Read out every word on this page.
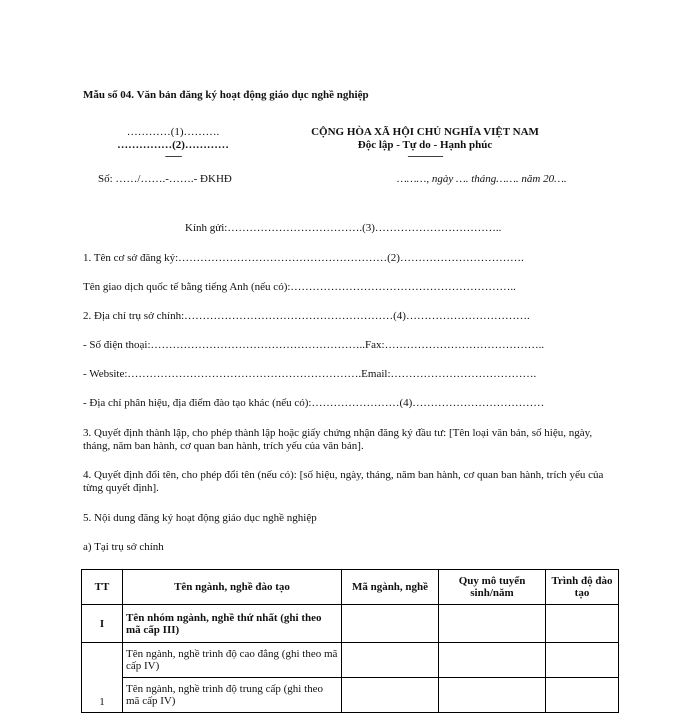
Mẫu số 04. Văn bản đăng ký hoạt động giáo dục nghề nghiệp
…………(1)……….
……………(2)…………
-------
CỘNG HÒA XÃ HỘI CHỦ NGHĨA VIỆT NAM
Độc lập - Tự do - Hạnh phúc
---------------
Số: ……/…….-…….- ĐKHĐ	………, ngày …. tháng……. năm 20….
Kính gửi:……………………………….(3)……………………………..
1. Tên cơ sở đăng ký:…………………………………………………(2)…………………………….
Tên giao dịch quốc tế bằng tiếng Anh (nếu có):……………………………………………………..
2. Địa chỉ trụ sở chính:…………………………………………………(4)…………………………….
- Số điện thoại:…………………………………………………..Fax:……………………………………..
- Website:……………………………………………………….Email:………………………………….
- Địa chỉ phân hiệu, địa điểm đào tạo khác (nếu có):……………………(4)………………………………
3. Quyết định thành lập, cho phép thành lập hoặc giấy chứng nhận đăng ký đầu tư: [Tên loại văn bản, số hiệu, ngày, tháng, năm ban hành, cơ quan ban hành, trích yếu của văn bản].
4. Quyết định đổi tên, cho phép đổi tên (nếu có): [số hiệu, ngày, tháng, năm ban hành, cơ quan ban hành, trích yếu của từng quyết định].
5. Nội dung đăng ký hoạt động giáo dục nghề nghiệp
a) Tại trụ sở chính
TT	Tên ngành, nghề đào tạo	Mã ngành, nghề	Quy mô tuyển sinh/năm	Trình độ đào tạo
I	Tên nhóm ngành, nghề thứ nhất (ghi theo mã cấp III)			
1	Tên ngành, nghề trình độ cao đẳng (ghi theo mã cấp IV)			
	Tên ngành, nghề trình độ trung cấp (ghi theo mã cấp IV)			
